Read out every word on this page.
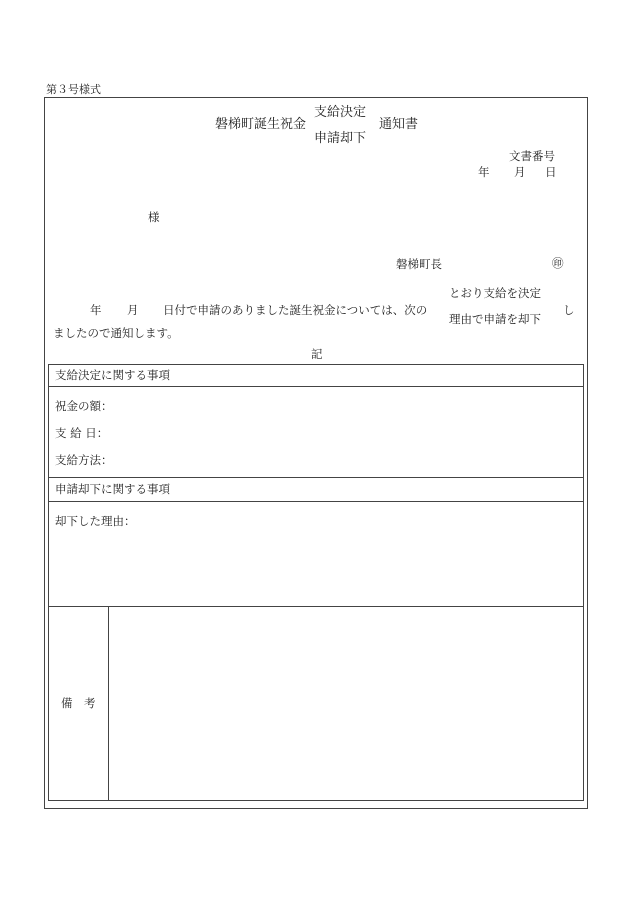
第３号様式
磐梯町誕生祝金
支給決定
申請却下
通知書
文書番号
年 月 日
様
磐梯町長	㊞
年 月 日付で申請のありました誕生祝金については、次の
とおり支給を決定
理由で申請を却下
し
ましたので通知します。
記
支給決定に関する事項
祝金の額：
支 給 日：
支給方法：
申請却下に関する事項
却下した理由：
備　考
